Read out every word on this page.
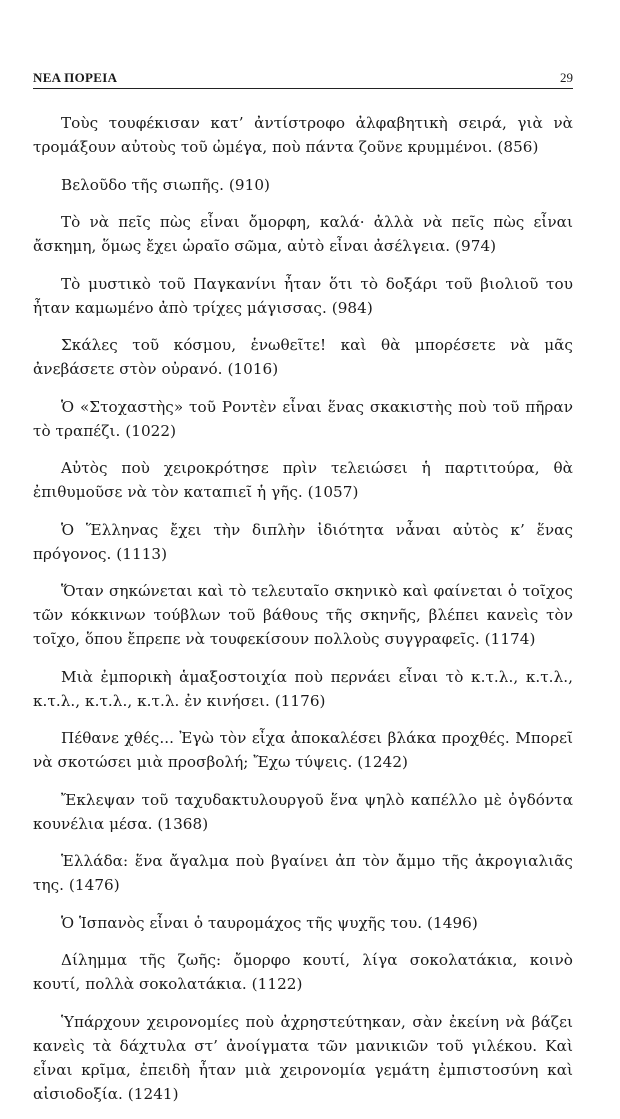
ΝΕΑ ΠΟΡΕΙΑ	29

Τοὺς τουφέκισαν κατ’ ἀντίστροφο ἀλφαβητικὴ σειρά, γιὰ νὰ τρομάξουν αὐτοὺς τοῦ ὠμέγα, ποὺ πάντα ζοῦνε κρυμμένοι. (856)

Βελοῦδο τῆς σιωπῆς. (910)

Τὸ νὰ πεῖς πὼς εἶναι ὄμορφη, καλά· ἀλλὰ νὰ πεῖς πὼς εἶναι ἄσκημη, ὅμως ἔχει ὡραῖο σῶμα, αὐτὸ εἶναι ἀσέλγεια. (974)

Τὸ μυστικὸ τοῦ Παγκανίνι ἦταν ὅτι τὸ δοξάρι τοῦ βιολιοῦ του ἦταν καμωμένο ἀπὸ τρίχες μάγισσας. (984)

Σκάλες τοῦ κόσμου, ἑνωθεῖτε! καὶ θὰ μπορέσετε νὰ μᾶς ἀνεβάσετε στὸν οὐρανό. (1016)

Ὁ «Στοχαστὴς» τοῦ Ροντὲν εἶναι ἕνας σκακιστὴς ποὺ τοῦ πῆραν τὸ τραπέζι. (1022)

Αὐτὸς ποὺ χειροκρότησε πρὶν τελειώσει ἡ παρτιτούρα, θὰ ἐπιθυμοῦσε νὰ τὸν καταπιεῖ ἡ γῆς. (1057)

Ὁ Ἕλληνας ἔχει τὴν διπλὴν ἰδιότητα νἆναι αὐτὸς κ’ ἕνας πρόγονος. (1113)

Ὅταν σηκώνεται καὶ τὸ τελευταῖο σκηνικὸ καὶ φαίνεται ὁ τοῖχος τῶν κόκκινων τούβλων τοῦ βάθους τῆς σκηνῆς, βλέπει κανεὶς τὸν τοῖχο, ὅπου ἔπρεπε νὰ τουφεκίσουν πολλοὺς συγγραφεῖς. (1174)

Μιὰ ἐμπορικὴ ἁμαξοστοιχία ποὺ περνάει εἶναι τὸ κ.τ.λ., κ.τ.λ., κ.τ.λ., κ.τ.λ., κ.τ.λ. ἐν κινήσει. (1176)

Πέθανε χθές... Ἐγὼ τὸν εἶχα ἀποκαλέσει βλάκα προχθές. Μπορεῖ νὰ σκοτώσει μιὰ προσβολή; Ἔχω τύψεις. (1242)

Ἔκλεψαν τοῦ ταχυδακτυλουργοῦ ἕνα ψηλὸ καπέλλο μὲ ὀγδόντα κουνέλια μέσα. (1368)

Ἑλλάδα: ἕνα ἄγαλμα ποὺ βγαίνει ἀπ τὸν ἄμμο τῆς ἀκρογιαλιᾶς της. (1476)

Ὁ Ἱσπανὸς εἶναι ὁ ταυρομάχος τῆς ψυχῆς του. (1496)

Δίλημμα τῆς ζωῆς: ὄμορφο κουτί, λίγα σοκολατάκια, κοινὸ κουτί, πολλὰ σοκολατάκια. (1122)

Ὑπάρχουν χειρονομίες ποὺ ἀχρηστεύτηκαν, σὰν ἐκείνη νὰ βάζει κανεὶς τὰ δάχτυλα στ’ ἀνοίγματα τῶν μανικιῶν τοῦ γιλέκου. Καὶ εἶναι κρῖμα, ἐπειδὴ ἦταν μιὰ χειρονομία γεμάτη ἐμπιστοσύνη καὶ αἰσιοδοξία. (1241)
